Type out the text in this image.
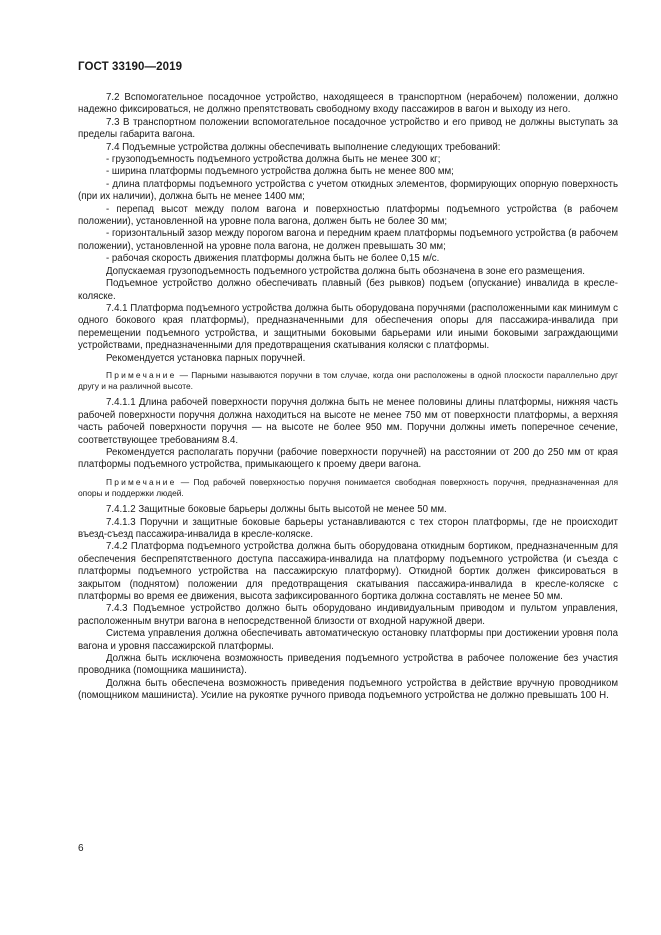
ГОСТ 33190—2019

7.2 Вспомогательное посадочное устройство, находящееся в транспортном (нерабочем) положении, должно надежно фиксироваться, не должно препятствовать свободному входу пассажиров в вагон и выходу из него.

7.3 В транспортном положении вспомогательное посадочное устройство и его привод не должны выступать за пределы габарита вагона.

7.4 Подъемные устройства должны обеспечивать выполнение следующих требований:

- грузоподъемность подъемного устройства должна быть не менее 300 кг;

- ширина платформы подъемного устройства должна быть не менее 800 мм;

- длина платформы подъемного устройства с учетом откидных элементов, формирующих опорную поверхность (при их наличии), должна быть не менее 1400 мм;

- перепад высот между полом вагона и поверхностью платформы подъемного устройства (в рабочем положении), установленной на уровне пола вагона, должен быть не более 30 мм;

- горизонтальный зазор между порогом вагона и передним краем платформы подъемного устройства (в рабочем положении), установленной на уровне пола вагона, не должен превышать 30 мм;

- рабочая скорость движения платформы должна быть не более 0,15 м/с.

Допускаемая грузоподъемность подъемного устройства должна быть обозначена в зоне его размещения.

Подъемное устройство должно обеспечивать плавный (без рывков) подъем (опускание) инвалида в кресле-коляске.

7.4.1 Платформа подъемного устройства должна быть оборудована поручнями (расположенными как минимум с одного бокового края платформы), предназначенными для обеспечения опоры для пассажира-инвалида при перемещении подъемного устройства, и защитными боковыми барьерами или иными боковыми заграждающими устройствами, предназначенными для предотвращения скатывания коляски с платформы.

Рекомендуется установка парных поручней.

Примечание — Парными называются поручни в том случае, когда они расположены в одной плоскости параллельно друг другу и на различной высоте.

7.4.1.1 Длина рабочей поверхности поручня должна быть не менее половины длины платформы, нижняя часть рабочей поверхности поручня должна находиться на высоте не менее 750 мм от поверхности платформы, а верхняя часть рабочей поверхности поручня — на высоте не более 950 мм. Поручни должны иметь поперечное сечение, соответствующее требованиям 8.4.

Рекомендуется располагать поручни (рабочие поверхности поручней) на расстоянии от 200 до 250 мм от края платформы подъемного устройства, примыкающего к проему двери вагона.

Примечание — Под рабочей поверхностью поручня понимается свободная поверхность поручня, предназначенная для опоры и поддержки людей.

7.4.1.2 Защитные боковые барьеры должны быть высотой не менее 50 мм.

7.4.1.3 Поручни и защитные боковые барьеры устанавливаются с тех сторон платформы, где не происходит въезд-съезд пассажира-инвалида в кресле-коляске.

7.4.2 Платформа подъемного устройства должна быть оборудована откидным бортиком, предназначенным для обеспечения беспрепятственного доступа пассажира-инвалида на платформу подъемного устройства (и съезда с платформы подъемного устройства на пассажирскую платформу). Откидной бортик должен фиксироваться в закрытом (поднятом) положении для предотвращения скатывания пассажира-инвалида в кресле-коляске с платформы во время ее движения, высота зафиксированного бортика должна составлять не менее 50 мм.

7.4.3 Подъемное устройство должно быть оборудовано индивидуальным приводом и пультом управления, расположенным внутри вагона в непосредственной близости от входной наружной двери.

Система управления должна обеспечивать автоматическую остановку платформы при достижении уровня пола вагона и уровня пассажирской платформы.

Должна быть исключена возможность приведения подъемного устройства в рабочее положение без участия проводника (помощника машиниста).

Должна быть обеспечена возможность приведения подъемного устройства в действие вручную проводником (помощником машиниста). Усилие на рукоятке ручного привода подъемного устройства не должно превышать 100 Н.

6
